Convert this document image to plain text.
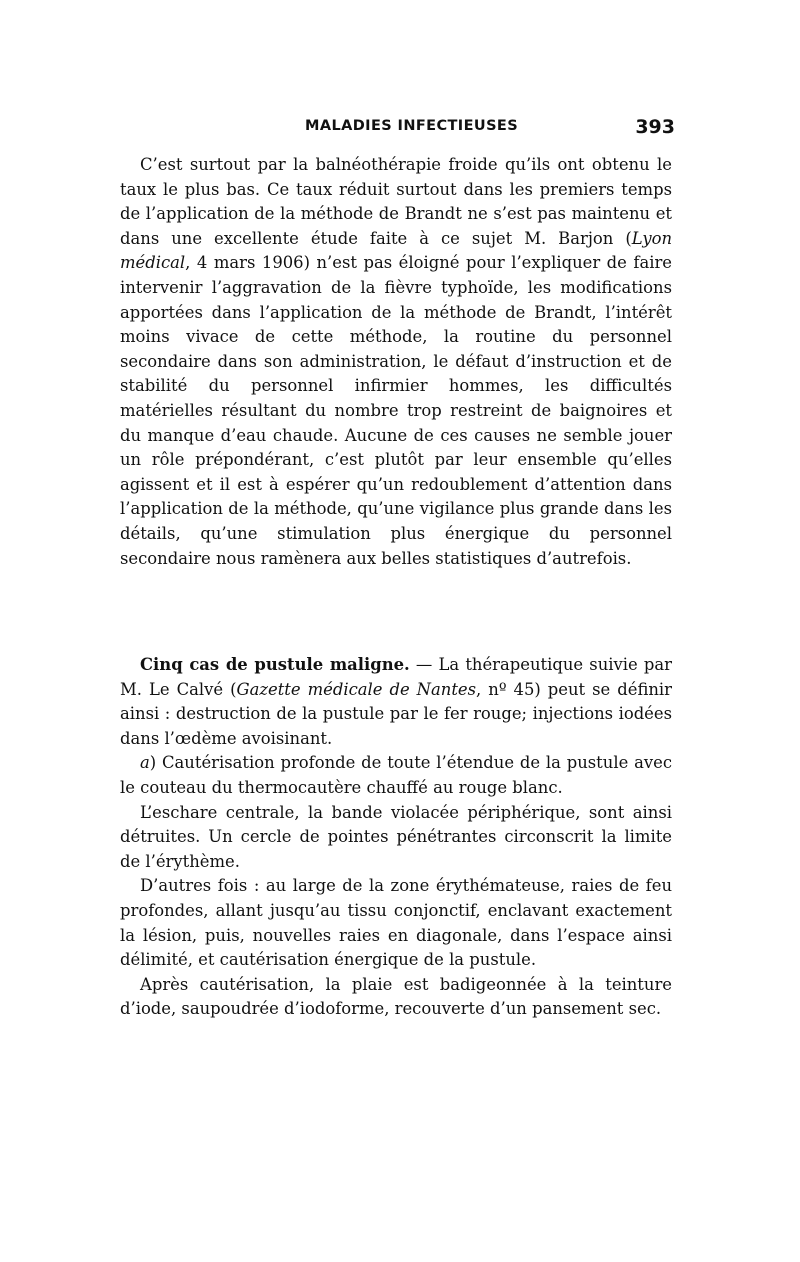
MALADIES INFECTIEUSES	393

C’est surtout par la balnéothérapie froide qu’ils ont obtenu le taux le plus bas. Ce taux réduit surtout dans les premiers temps de l’application de la méthode de Brandt ne s’est pas maintenu et dans une excellente étude faite à ce sujet M. Barjon (Lyon médical, 4 mars 1906) n’est pas éloigné pour l’expliquer de faire intervenir l’aggravation de la fièvre typhoïde, les modifications apportées dans l’application de la méthode de Brandt, l’intérêt moins vivace de cette méthode, la routine du personnel secondaire dans son administration, le défaut d’instruction et de stabilité du personnel infirmier hommes, les difficultés matérielles résultant du nombre trop restreint de baignoires et du manque d’eau chaude. Aucune de ces causes ne semble jouer un rôle prépondérant, c’est plutôt par leur ensemble qu’elles agissent et il est à espérer qu’un redoublement d’attention dans l’application de la méthode, qu’une vigilance plus grande dans les détails, qu’une stimulation plus énergique du personnel secondaire nous ramènera aux belles statistiques d’autrefois.

Cinq cas de pustule maligne. — La thérapeutique suivie par M. Le Calvé (Gazette médicale de Nantes, nº 45) peut se définir ainsi : destruction de la pustule par le fer rouge; injections iodées dans l’œdème avoisinant.

a) Cautérisation profonde de toute l’étendue de la pustule avec le couteau du thermocautère chauffé au rouge blanc.

L’eschare centrale, la bande violacée périphérique, sont ainsi détruites. Un cercle de pointes pénétrantes circonscrit la limite de l’érythème.

D’autres fois : au large de la zone érythémateuse, raies de feu profondes, allant jusqu’au tissu conjonctif, enclavant exactement la lésion, puis, nouvelles raies en diagonale, dans l’espace ainsi délimité, et cautérisation énergique de la pustule.

Après cautérisation, la plaie est badigeonnée à la teinture d’iode, saupoudrée d’iodoforme, recouverte d’un pansement sec.
